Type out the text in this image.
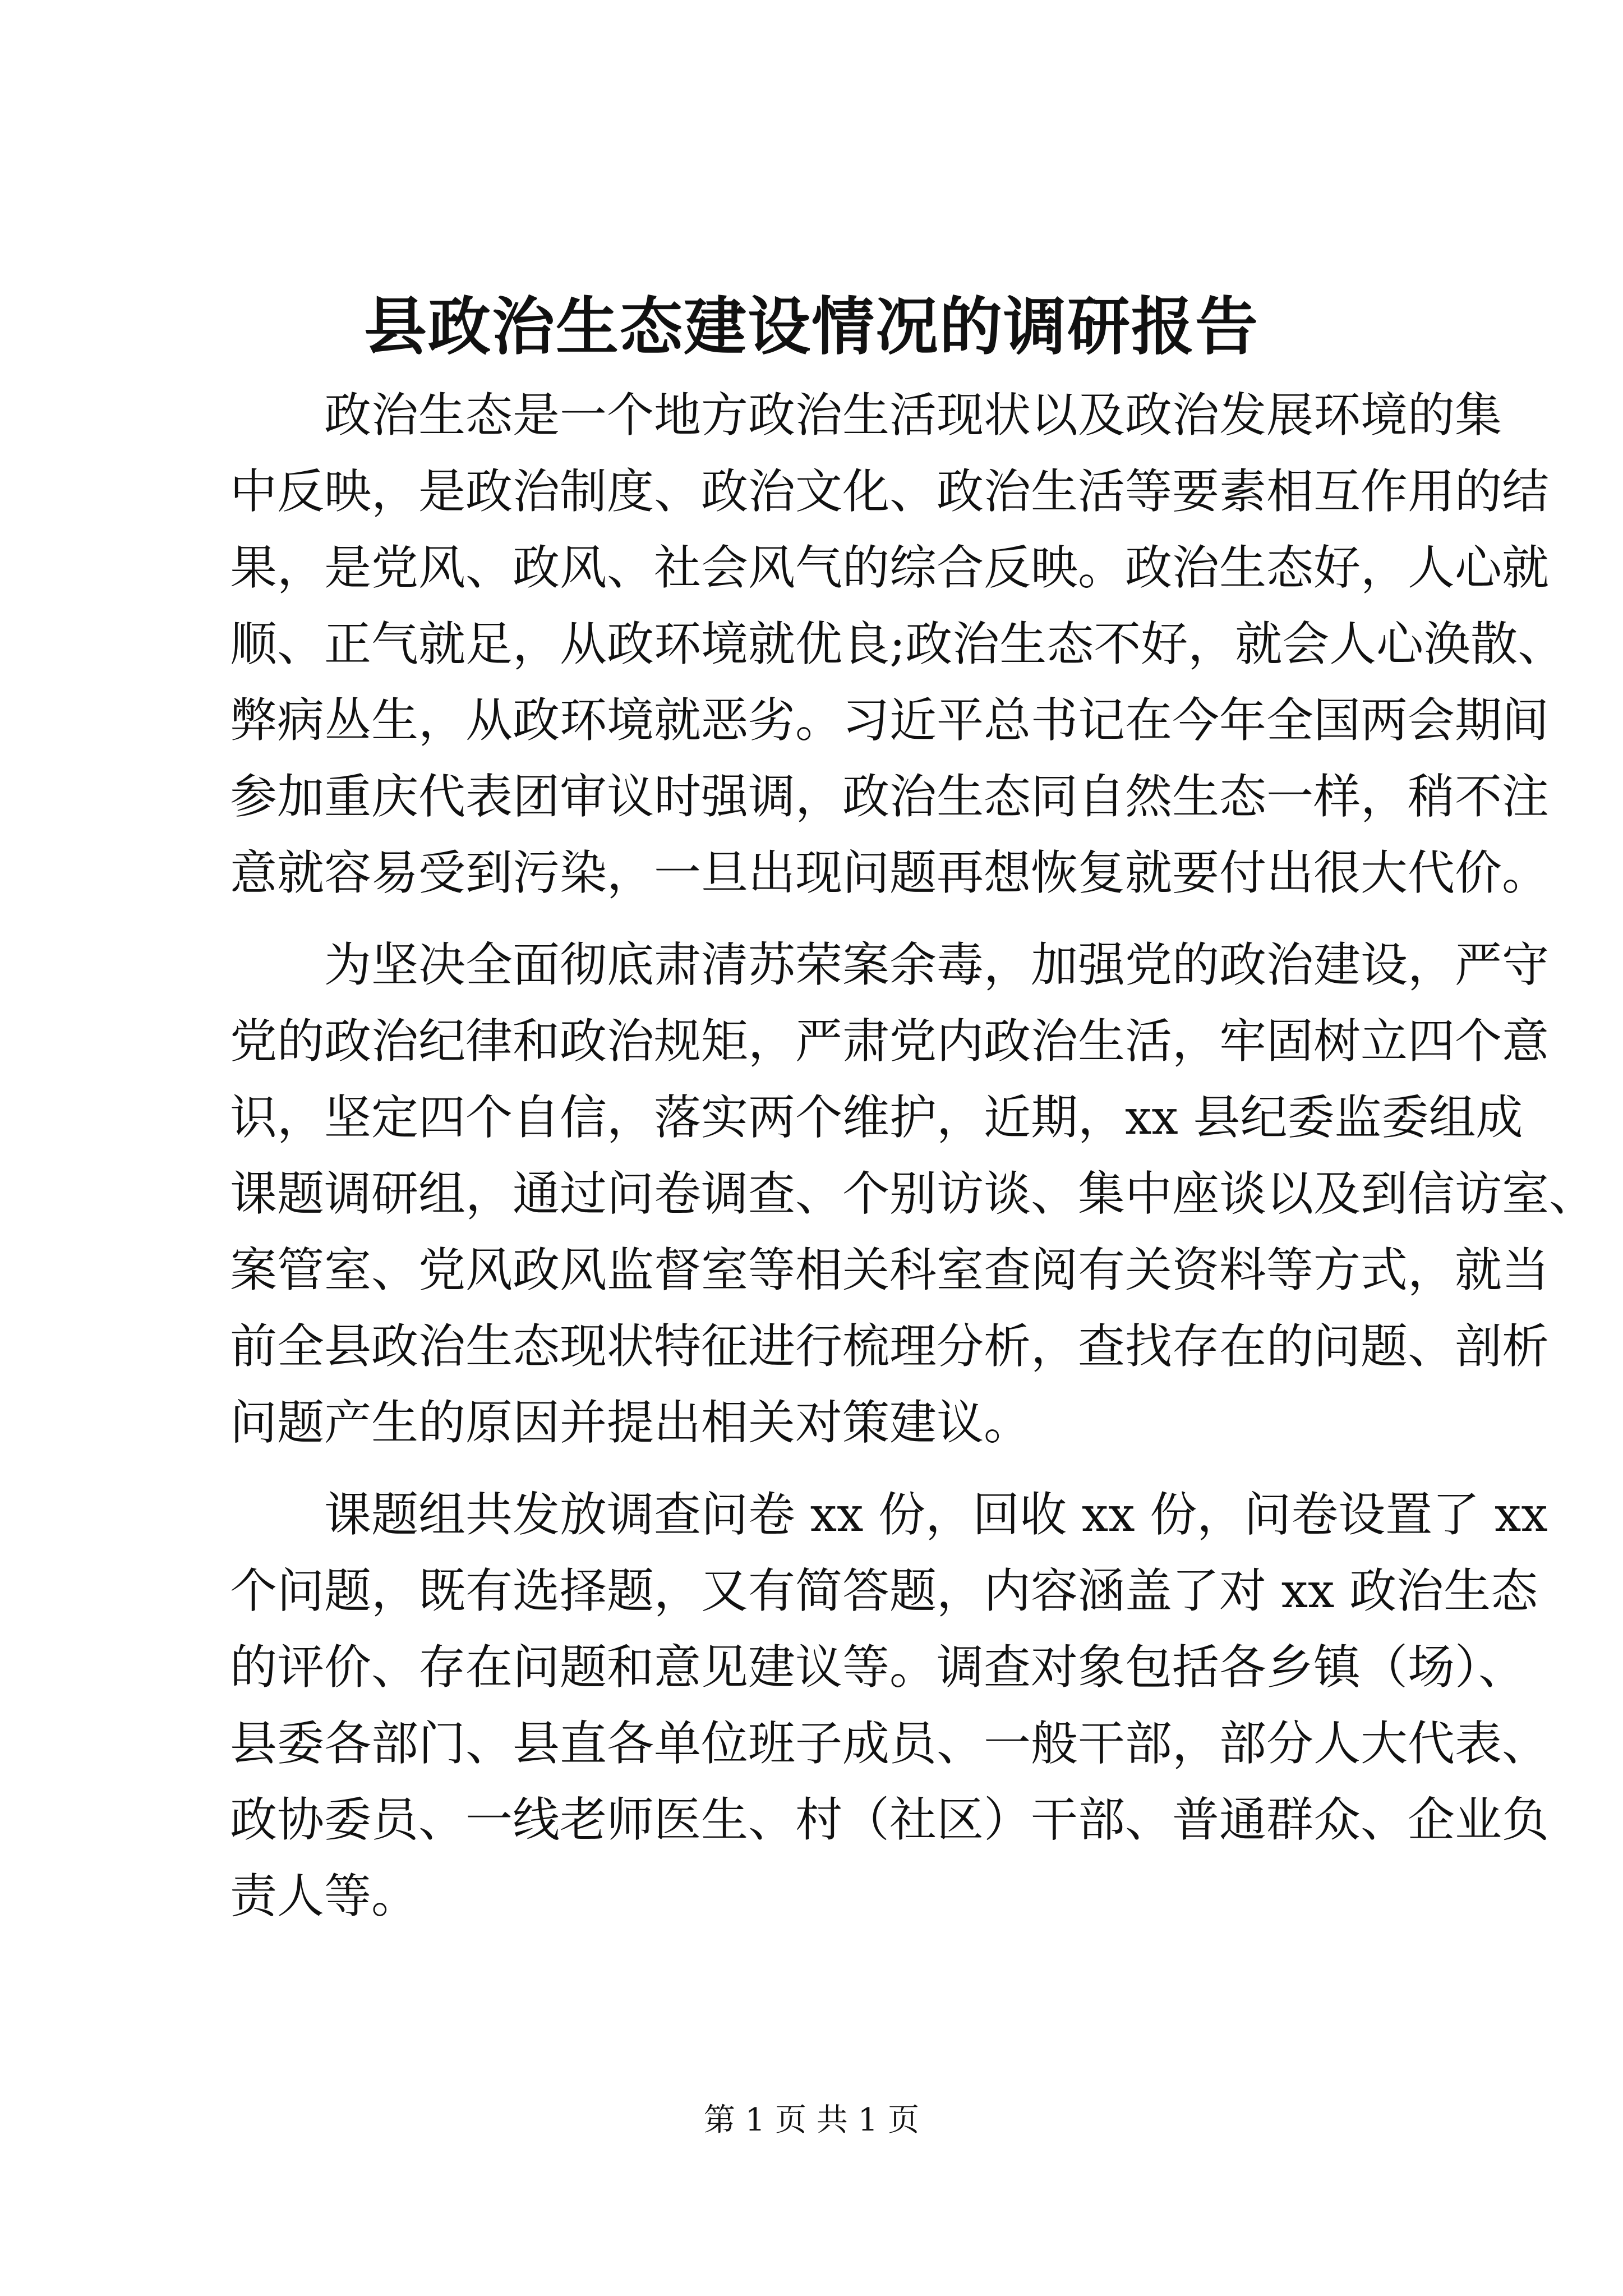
县政治生态建设情况的调研报告
政治生态是一个地方政治生活现状以及政治发展环境的集
中反映，是政治制度、政治文化、政治生活等要素相互作用的结
果，是党风、政风、社会风气的综合反映。政治生态好，人心就
顺、正气就足，从政环境就优良;政治生态不好，就会人心涣散、
弊病丛生，从政环境就恶劣。习近平总书记在今年全国两会期间
参加重庆代表团审议时强调，政治生态同自然生态一样，稍不注
意就容易受到污染，一旦出现问题再想恢复就要付出很大代价。
为坚决全面彻底肃清苏荣案余毒，加强党的政治建设，严守
党的政治纪律和政治规矩，严肃党内政治生活，牢固树立四个意
识，坚定四个自信，落实两个维护，近期，xx 县纪委监委组成
课题调研组，通过问卷调查、个别访谈、集中座谈以及到信访室、
案管室、党风政风监督室等相关科室查阅有关资料等方式，就当
前全县政治生态现状特征进行梳理分析，查找存在的问题、剖析
问题产生的原因并提出相关对策建议。
课题组共发放调查问卷 xx 份，回收 xx 份，问卷设置了 xx
个问题，既有选择题，又有简答题，内容涵盖了对 xx 政治生态
的评价、存在问题和意见建议等。调查对象包括各乡镇（场）、
县委各部门、县直各单位班子成员、一般干部，部分人大代表、
政协委员、一线老师医生、村（社区）干部、普通群众、企业负
责人等。
第 1 页 共 1 页
